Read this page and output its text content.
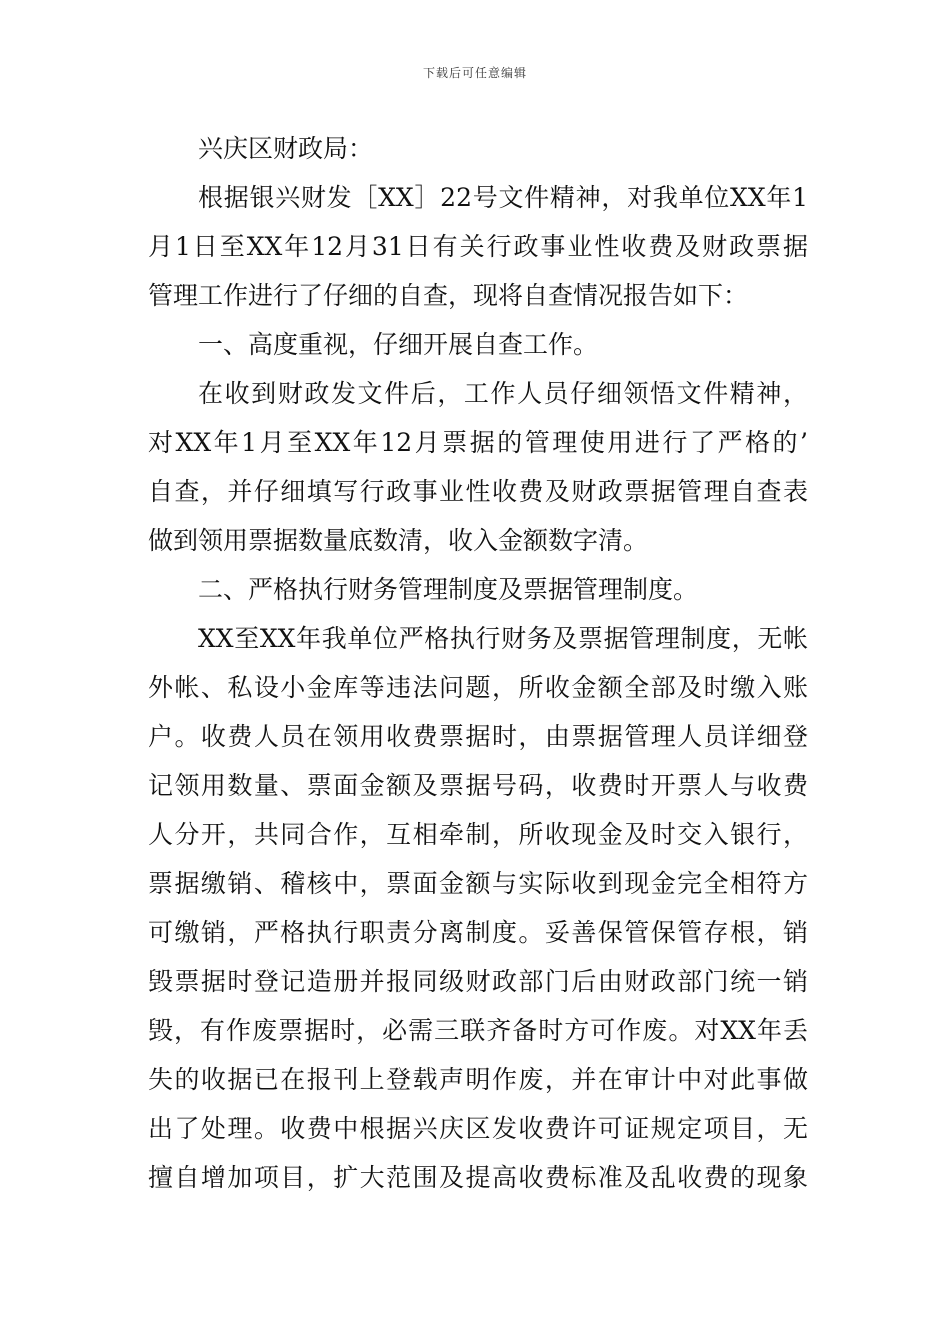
下载后可任意编辑
兴庆区财政局：
根据银兴财发［XX］22号文件精神，对我单位XX年1
月1日至XX年12月31日有关行政事业性收费及财政票据
管理工作进行了仔细的自查，现将自查情况报告如下：
一、高度重视，仔细开展自查工作。
在收到财政发文件后，工作人员仔细领悟文件精神，
对XX年1月至XX年12月票据的管理使用进行了严格的’
自查，并仔细填写行政事业性收费及财政票据管理自查表
做到领用票据数量底数清，收入金额数字清。
二、严格执行财务管理制度及票据管理制度。
XX至XX年我单位严格执行财务及票据管理制度，无帐
外帐、私设小金库等违法问题，所收金额全部及时缴入账
户。收费人员在领用收费票据时，由票据管理人员详细登
记领用数量、票面金额及票据号码，收费时开票人与收费
人分开，共同合作，互相牵制，所收现金及时交入银行，
票据缴销、稽核中，票面金额与实际收到现金完全相符方
可缴销，严格执行职责分离制度。妥善保管保管存根，销
毁票据时登记造册并报同级财政部门后由财政部门统一销
毁，有作废票据时，必需三联齐备时方可作废。对XX年丢
失的收据已在报刊上登载声明作废，并在审计中对此事做
出了处理。收费中根据兴庆区发收费许可证规定项目，无
擅自增加项目，扩大范围及提高收费标准及乱收费的现象
